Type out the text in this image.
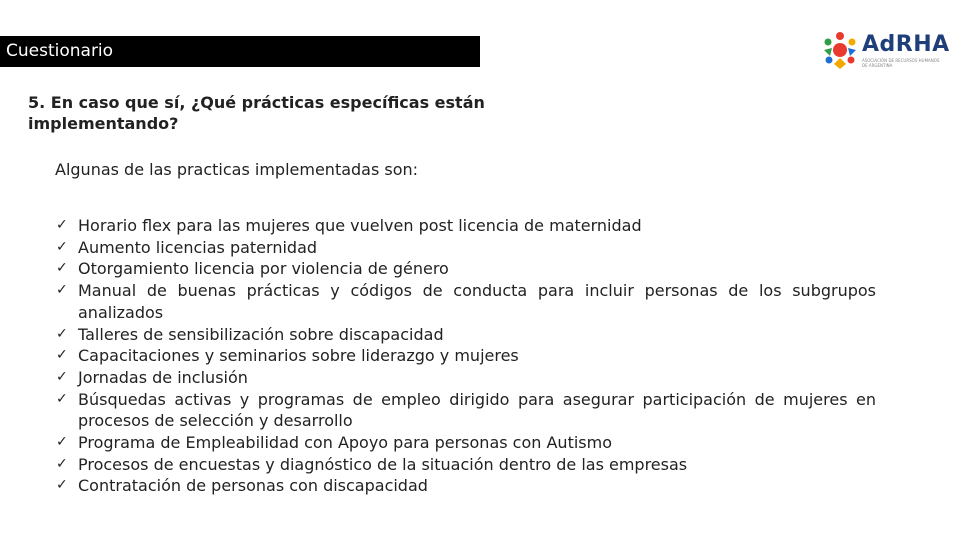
Cuestionario	AdRHA
ASOCIACIÓN DE RECURSOS HUMANOS DE ARGENTINA
5. En caso que sí, ¿Qué prácticas específicas están implementando?
Algunas de las practicas implementadas son:
✓ Horario flex para las mujeres que vuelven post licencia de maternidad
✓ Aumento licencias paternidad
✓ Otorgamiento licencia por violencia de género
✓ Manual de buenas prácticas y códigos de conducta para incluir personas de los subgrupos analizados
✓ Talleres de sensibilización sobre discapacidad
✓ Capacitaciones y seminarios sobre liderazgo y mujeres
✓ Jornadas de inclusión
✓ Búsquedas activas y programas de empleo dirigido para asegurar participación de mujeres en procesos de selección y desarrollo
✓ Programa de Empleabilidad con Apoyo para personas con Autismo
✓ Procesos de encuestas y diagnóstico de la situación dentro de las empresas
✓ Contratación de personas con discapacidad
